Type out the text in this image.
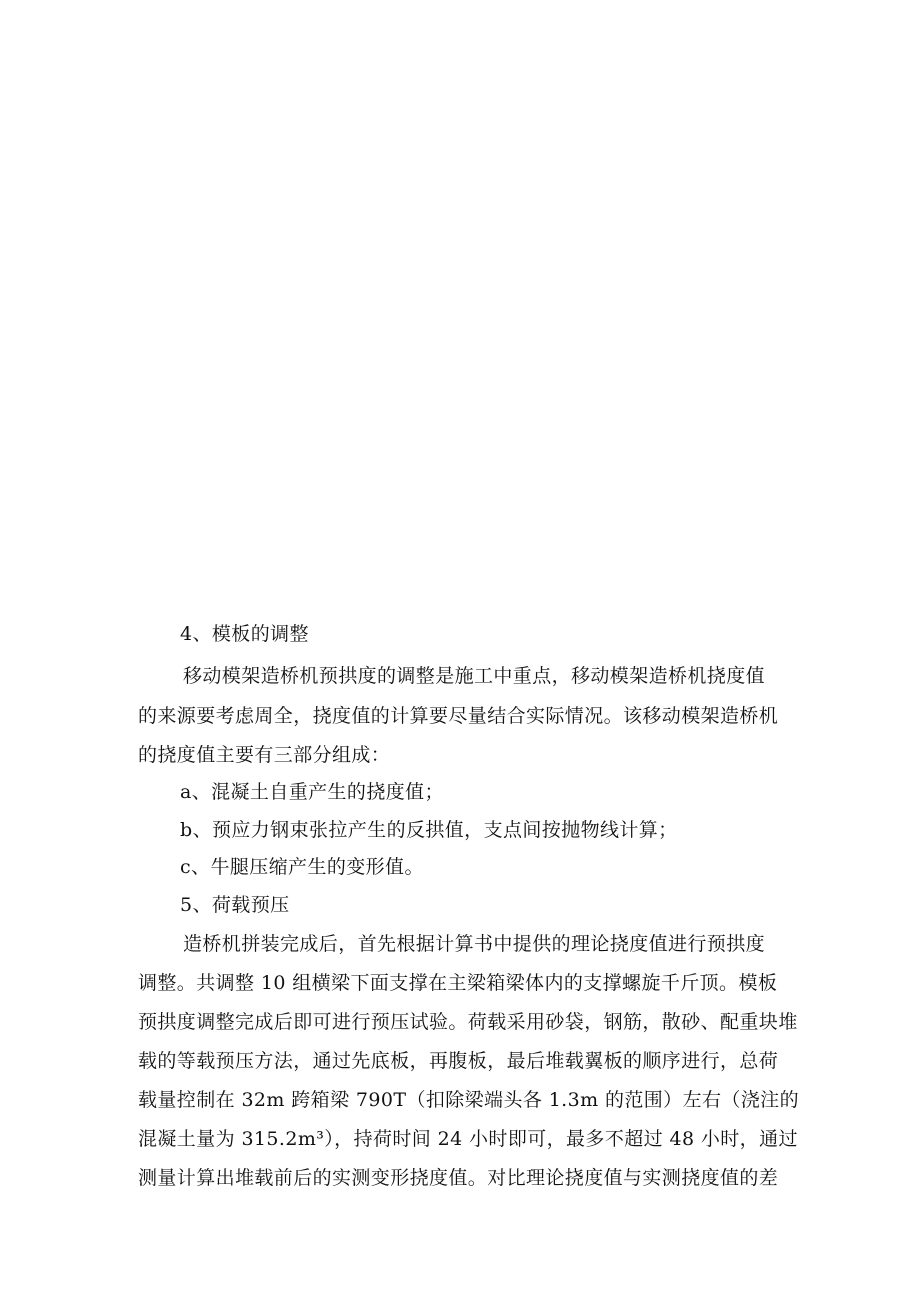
4、模板的调整
移动模架造桥机预拱度的调整是施工中重点，移动模架造桥机挠度值
的来源要考虑周全，挠度值的计算要尽量结合实际情况。该移动模架造桥机
的挠度值主要有三部分组成：
a、混凝土自重产生的挠度值；
b、预应力钢束张拉产生的反拱值，支点间按抛物线计算；
c、牛腿压缩产生的变形值。
5、荷载预压
造桥机拼装完成后，首先根据计算书中提供的理论挠度值进行预拱度
调整。共调整 10 组横梁下面支撑在主梁箱梁体内的支撑螺旋千斤顶。模板
预拱度调整完成后即可进行预压试验。荷载采用砂袋，钢筋，散砂、配重块堆
载的等载预压方法，通过先底板，再腹板，最后堆载翼板的顺序进行，总荷
载量控制在 32m 跨箱梁 790T（扣除梁端头各 1.3m 的范围）左右（浇注的
混凝土量为 315.2m³），持荷时间 24 小时即可，最多不超过 48 小时，通过
测量计算出堆载前后的实测变形挠度值。对比理论挠度值与实测挠度值的差
